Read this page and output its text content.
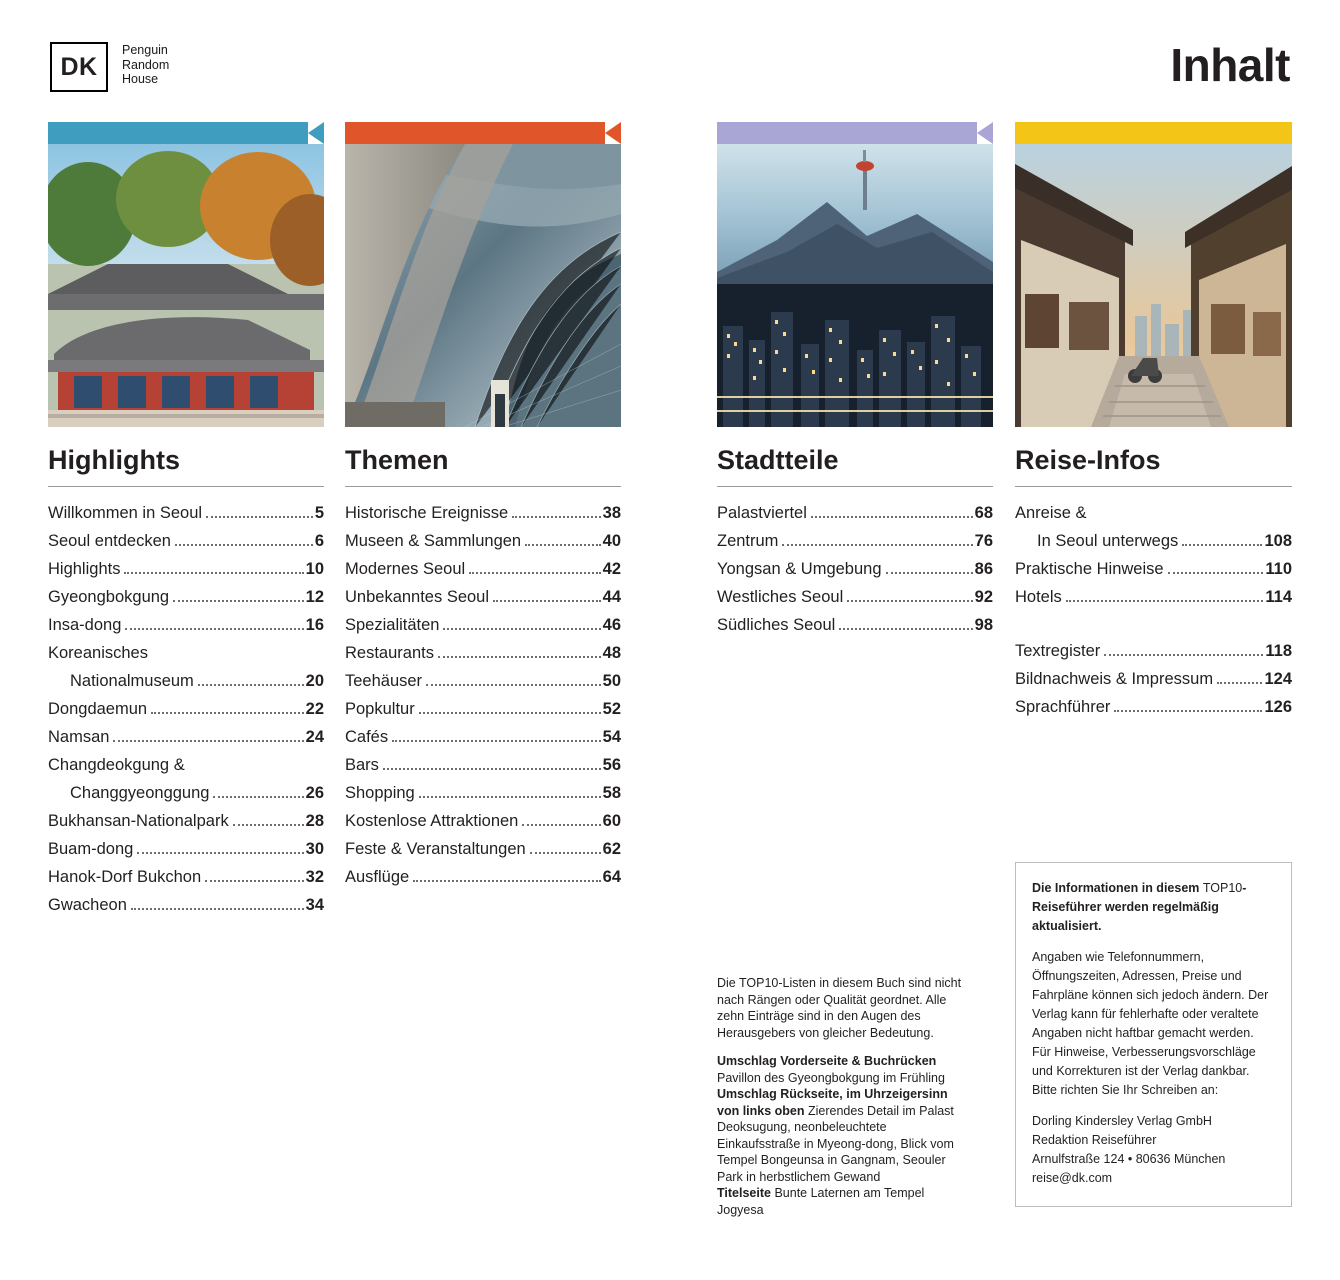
DK
Penguin
Random
House	Inhalt
Highlights
Willkommen in Seoul	5
Seoul entdecken	6
Highlights	10
Gyeongbokgung	12
Insa-dong	16
Koreanisches
Nationalmuseum	20
Dongdaemun	22
Namsan	24
Changdeokgung &
Changgyeonggung	26
Bukhansan-Nationalpark	28
Buam-dong	30
Hanok-Dorf Bukchon	32
Gwacheon	34
Themen
Historische Ereignisse	38
Museen & Sammlungen	40
Modernes Seoul	42
Unbekanntes Seoul	44
Spezialitäten	46
Restaurants	48
Teehäuser	50
Popkultur	52
Cafés	54
Bars	56
Shopping	58
Kostenlose Attraktionen	60
Feste & Veranstaltungen	62
Ausflüge	64
Stadtteile
Palastviertel	68
Zentrum	76
Yongsan & Umgebung	86
Westliches Seoul	92
Südliches Seoul	98
Reise-Infos
Anreise &
In Seoul unterwegs	108
Praktische Hinweise	110
Hotels	114
Textregister	118
Bildnachweis & Impressum	124
Sprachführer	126

Die TOP10-Listen in diesem Buch sind nicht nach Rängen oder Qualität geordnet. Alle zehn Einträge sind in den Augen des Herausgebers von gleicher Bedeutung.

Umschlag Vorderseite & Buchrücken
Pavillon des Gyeongbokgung im Frühling
Umschlag Rückseite, im Uhrzeigersinn von links oben Zierendes Detail im Palast Deoksugung, neonbeleuchtete Einkaufsstraße in Myeong-dong, Blick vom Tempel Bongeunsa in Gangnam, Seouler Park in herbstlichem Gewand
Titelseite Bunte Laternen am Tempel Jogyesa

Die Informationen in diesem TOP10-Reiseführer werden regelmäßig aktualisiert.

Angaben wie Telefonnummern, Öffnungszeiten, Adressen, Preise und Fahrpläne können sich jedoch ändern. Der Verlag kann für fehlerhafte oder veraltete Angaben nicht haftbar gemacht werden. Für Hinweise, Verbesserungsvorschläge und Korrekturen ist der Verlag dankbar. Bitte richten Sie Ihr Schreiben an:

Dorling Kindersley Verlag GmbH
Redaktion Reiseführer
Arnulfstraße 124 • 80636 München
reise@dk.com
